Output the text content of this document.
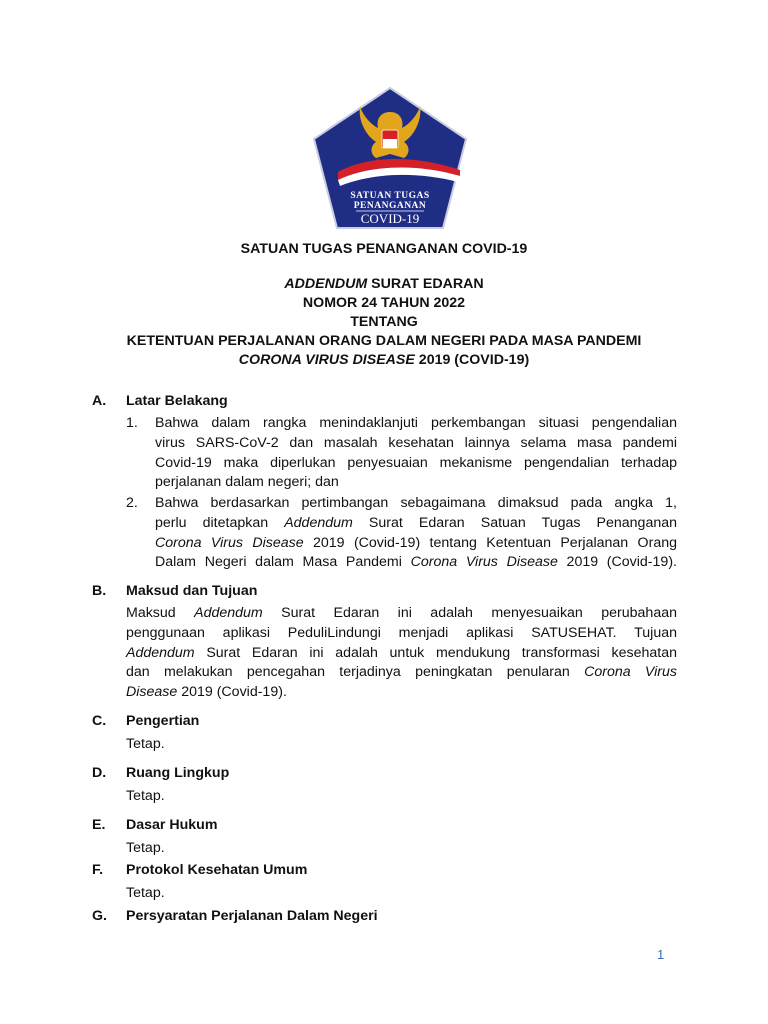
SATUAN TUGAS
PENANGANAN
COVID-19
SATUAN TUGAS PENANGANAN COVID-19
ADDENDUM SURAT EDARAN
NOMOR 24 TAHUN 2022
TENTANG
KETENTUAN PERJALANAN ORANG DALAM NEGERI PADA MASA PANDEMI
CORONA VIRUS DISEASE 2019 (COVID-19)
A. Latar Belakang
1. Bahwa dalam rangka menindaklanjuti perkembangan situasi pengendalian
virus SARS-CoV-2 dan masalah kesehatan lainnya selama masa pandemi
Covid-19 maka diperlukan penyesuaian mekanisme pengendalian terhadap
perjalanan dalam negeri; dan
2. Bahwa berdasarkan pertimbangan sebagaimana dimaksud pada angka 1,
perlu ditetapkan Addendum Surat Edaran Satuan Tugas Penanganan
Corona Virus Disease 2019 (Covid-19) tentang Ketentuan Perjalanan Orang
Dalam Negeri dalam Masa Pandemi Corona Virus Disease 2019 (Covid-19).
B. Maksud dan Tujuan
Maksud Addendum Surat Edaran ini adalah menyesuaikan perubahaan
penggunaan aplikasi PeduliLindungi menjadi aplikasi SATUSEHAT. Tujuan
Addendum Surat Edaran ini adalah untuk mendukung transformasi kesehatan
dan melakukan pencegahan terjadinya peningkatan penularan Corona Virus
Disease 2019 (Covid-19).
C. Pengertian
Tetap.
D. Ruang Lingkup
Tetap.
E. Dasar Hukum
Tetap.
F. Protokol Kesehatan Umum
Tetap.
G. Persyaratan Perjalanan Dalam Negeri
1
